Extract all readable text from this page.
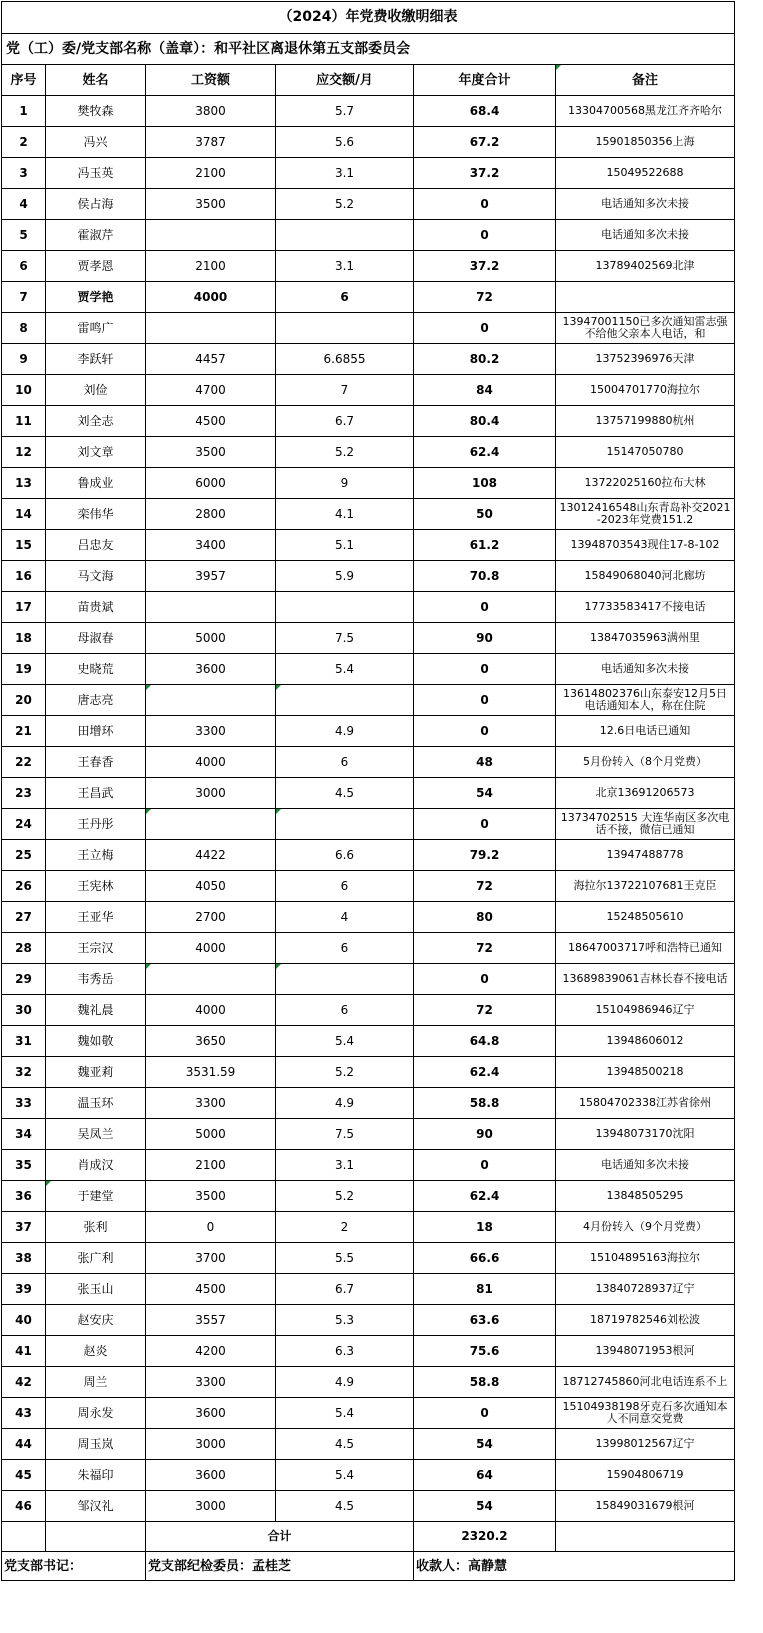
（2024）年党费收缴明细表					
党（工）委/党支部名称（盖章）：和平社区离退休第五支部委员会					
序号	姓名	工资额	应交额/月	年度合计	备注
1	樊牧森	3800	5.7	68.4	13304700568黑龙江齐齐哈尔
2	冯兴	3787	5.6	67.2	15901850356上海
3	冯玉英	2100	3.1	37.2	15049522688
4	侯占海	3500	5.2	0	电话通知多次未接
5	霍淑芹			0	电话通知多次未接
6	贾孝恩	2100	3.1	37.2	13789402569北津
7	贾学艳	4000	6	72	
8	雷鸣广			0	13947001150已多次通知雷志强不给他父亲本人电话，和
9	李跃轩	4457	6.6855	80.2	13752396976天津
10	刘俭	4700	7	84	15004701770海拉尔
11	刘全志	4500	6.7	80.4	13757199880杭州
12	刘文章	3500	5.2	62.4	15147050780
13	鲁成业	6000	9	108	13722025160拉布大林
14	栾伟华	2800	4.1	50	13012416548山东青岛补交2021-2023年党费151.2
15	吕忠友	3400	5.1	61.2	13948703543现住17-8-102
16	马文海	3957	5.9	70.8	15849068040河北廊坊
17	苗贵斌			0	17733583417不接电话
18	母淑春	5000	7.5	90	13847035963满州里
19	史晓荒	3600	5.4	0	电话通知多次未接
20	唐志亮			0	13614802376山东泰安12月5日电话通知本人，称在住院
21	田增环	3300	4.9	0	12.6日电话已通知
22	王春香	4000	6	48	5月份转入（8个月党费）
23	王昌武	3000	4.5	54	北京13691206573
24	王丹彤			0	13734702515 大连华南区多次电话不接，微信已通知
25	王立梅	4422	6.6	79.2	13947488778
26	王宪林	4050	6	72	海拉尔13722107681王克臣
27	王亚华	2700	4	80	15248505610
28	王宗汉	4000	6	72	18647003717呼和浩特已通知
29	韦秀岳			0	13689839061吉林长春不接电话
30	魏礼晨	4000	6	72	15104986946辽宁
31	魏如敬	3650	5.4	64.8	13948606012
32	魏亚莉	3531.59	5.2	62.4	13948500218
33	温玉环	3300	4.9	58.8	15804702338江苏省徐州
34	吴凤兰	5000	7.5	90	13948073170沈阳
35	肖成汉	2100	3.1	0	电话通知多次未接
36	于建堂	3500	5.2	62.4	13848505295
37	张利	0	2	18	4月份转入（9个月党费）
38	张广利	3700	5.5	66.6	15104895163海拉尔
39	张玉山	4500	6.7	81	13840728937辽宁
40	赵安庆	3557	5.3	63.6	18719782546刘松波
41	赵炎	4200	6.3	75.6	13948071953根河
42	周兰	3300	4.9	58.8	18712745860河北电话连系不上
43	周永发	3600	5.4	0	15104938198牙克石多次通知本人不同意交党费
44	周玉岚	3000	4.5	54	13998012567辽宁
45	朱福印	3600	5.4	64	15904806719
46	邹汉礼	3000	4.5	54	15849031679根河
		合计		2320.2	
党支部书记：		党支部纪检委员：孟桂芝		收款人：高静慧	
